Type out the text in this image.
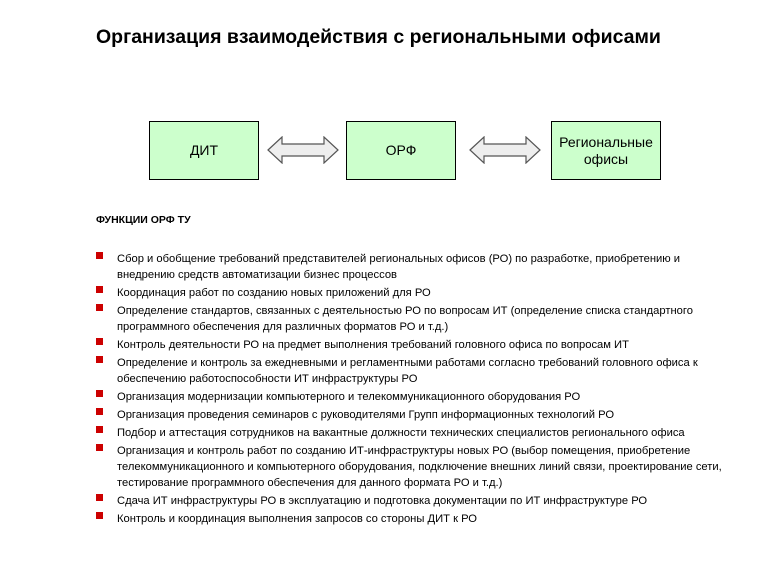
Организация взаимодействия с региональными офисами
ДИТ	ОРФ
Региональные
офисы
ФУНКЦИИ ОРФ ТУ
Сбор и обобщение требований представителей региональных офисов (РО) по разработке, приобретению и внедрению средств автоматизации бизнес процессов
Координация работ по созданию новых приложений для РО
Определение стандартов, связанных с деятельностью РО по вопросам ИТ (определение списка стандартного программного обеспечения для различных форматов РО и т.д.)
Контроль деятельности РО на предмет выполнения требований головного офиса по вопросам ИТ
Определение и контроль за ежедневными и регламентными работами согласно требований головного офиса к обеспечению работоспособности ИТ инфраструктуры РО
Организация модернизации компьютерного и телекоммуникационного оборудования РО
Организация проведения семинаров с руководителями Групп информационных технологий РО
Подбор и аттестация сотрудников на вакантные должности технических специалистов регионального офиса
Организация и контроль работ по созданию ИТ-инфраструктуры новых РО (выбор помещения, приобретение телекоммуникационного и компьютерного оборудования, подключение внешних линий связи, проектирование сети, тестирование программного обеспечения для данного формата РО и т.д.)
Сдача ИТ инфраструктуры РО в эксплуатацию и подготовка документации по ИТ инфраструктуре РО
Контроль и координация выполнения запросов со стороны ДИТ к РО
